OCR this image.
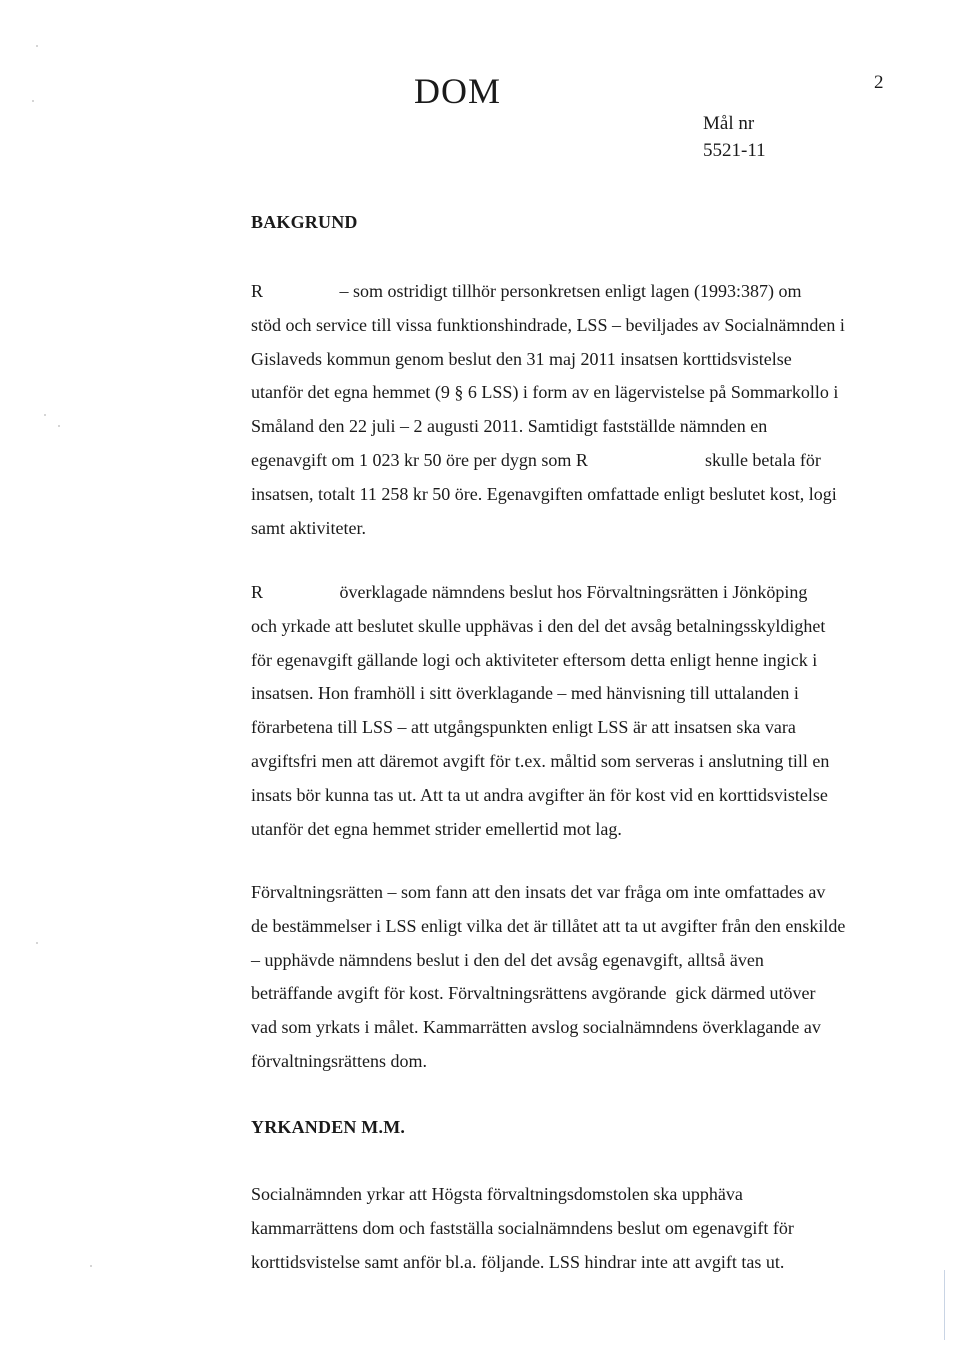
DOM	2
Mål nr
5521-11
BAKGRUND
R                 – som ostridigt tillhör personkretsen enligt lagen (1993:387) om
stöd och service till vissa funktionshindrade, LSS – beviljades av Socialnämnden i
Gislaveds kommun genom beslut den 31 maj 2011 insatsen korttidsvistelse
utanför det egna hemmet (9 § 6 LSS) i form av en lägervistelse på Sommarkollo i
Småland den 22 juli – 2 augusti 2011. Samtidigt fastställde nämnden en
egenavgift om 1 023 kr 50 öre per dygn som R                          skulle betala för
insatsen, totalt 11 258 kr 50 öre. Egenavgiften omfattade enligt beslutet kost, logi
samt aktiviteter.
R                 överklagade nämndens beslut hos Förvaltningsrätten i Jönköping
och yrkade att beslutet skulle upphävas i den del det avsåg betalningsskyldighet
för egenavgift gällande logi och aktiviteter eftersom detta enligt henne ingick i
insatsen. Hon framhöll i sitt överklagande – med hänvisning till uttalanden i
förarbetena till LSS – att utgångspunkten enligt LSS är att insatsen ska vara
avgiftsfri men att däremot avgift för t.ex. måltid som serveras i anslutning till en
insats bör kunna tas ut. Att ta ut andra avgifter än för kost vid en korttidsvistelse
utanför det egna hemmet strider emellertid mot lag.
Förvaltningsrätten – som fann att den insats det var fråga om inte omfattades av
de bestämmelser i LSS enligt vilka det är tillåtet att ta ut avgifter från den enskilde
– upphävde nämndens beslut i den del det avsåg egenavgift, alltså även
beträffande avgift för kost. Förvaltningsrättens avgörande  gick därmed utöver
vad som yrkats i målet. Kammarrätten avslog socialnämndens överklagande av
förvaltningsrättens dom.
YRKANDEN M.M.
Socialnämnden yrkar att Högsta förvaltningsdomstolen ska upphäva
kammarrättens dom och fastställa socialnämndens beslut om egenavgift för
korttidsvistelse samt anför bl.a. följande. LSS hindrar inte att avgift tas ut.
